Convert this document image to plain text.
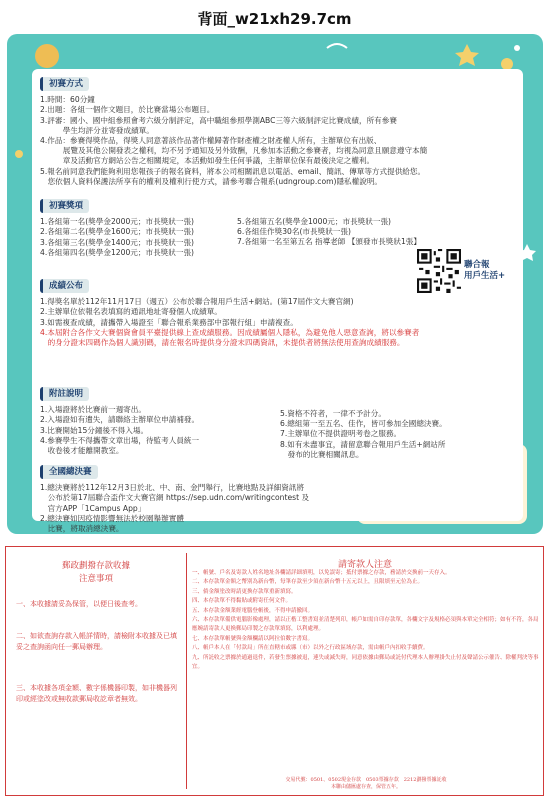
背面_w21xh29.7cm
初賽方式
1.時間：60分鐘
2.出題：各組一個作文題目，於比賽當場公布題目。
3.評審：國小、國中組參照會考六級分制評定，高中職組參照學測ABC三等六級制評定比賽成績，所有參賽
　　　學生均評分並寄發成績單。
4.作品：參賽得獎作品，得獎人同意著該作品著作權歸著作財產權之財產權人所有，主辦單位有出版、
　　　展覽及其他公開發表之權利，均不另予通知及另外致酬，凡參加本活動之參賽者，均視為同意且願意遵守本簡
　　　章及活動官方網站公告之相關規定，本活動如發生任何爭議，主辦單位保有最後決定之權利。
5.報名前同意我們能夠利用您報孩子的報名資料，將本公司相關訊息以電話、email、簡訊、傳單等方式提供給您。
　您依個人資料保護法所享有的權利及權利行使方式，請參考聯合報系(udngroup.com)隱私權說明。
初賽獎項
1.各組第一名(獎學金2000元；市長獎狀一張)
2.各組第二名(獎學金1600元；市長獎狀一張)
3.各組第三名(獎學金1400元；市長獎狀一張)
4.各組第四名(獎學金1200元；市長獎狀一張)
5.各組第五名(獎學金1000元；市長獎狀一張)
6.各組佳作獎30名(市長獎狀一張)
7.各組第一名至第五名 指導老師 【頒發市長獎狀1張】
成績公布
1.得獎名單於112年11月17日（週五）公布於聯合報用戶生活+網站。(第17屆作文大賽官網)
2.主辦單位依報名表填寫的通訊地址寄發個人成績單。
3.如需複查成績，請攜帶入場證至「聯合報系業務部中部報行組」申請複查。
4.本屆附合各作文大賽個資會員平臺提供線上查成績服務。因成績屬個人隱私，為避免他人惡意查詢，將以參賽者
　的身分證末四碼作為個人識別碼，請在報名時提供身分證末四碼資訊，未提供者將無法使用查詢成績服務。
附註說明
1.入場證將於比賽前一週寄出。
2.入場證如有遺失，請聯絡主辦單位申請補發。
3.比賽開始15分鐘後不得入場。
4.參賽學生不得攜帶文章出場，待監考人員統一
　收卷後才能離開教室。
5.資格不符者，一律不予計分。
6.總組第一至五名、佳作，皆可參加全國總決賽。
7.主辦單位不提供證明考卷之服務。
8.如有未盡事宜，請留意聯合報用戶生活+網站所
　發布的比賽相關訊息。
全國總決賽
1.總決賽將於112年12月3日於北、中、南、金門舉行，比賽地點及詳細資訊將
　公布於第17屆聯合盃作文大賽官網 https://sep.udn.com/writingcontest 及
　官方APP「1Campus App」
2.總決賽如因疫情影響無法於校園舉辦實體
　比賽，將取消總決賽。
聯合報
用戶生活+
郵政劃撥存款收據
注意事項
一、本收據請妥為保管，以便日後查考。
二、如欲查詢存款入帳詳情時，請檢附本收據及已填妥之查詢函向任一郵局辦理。
三、本收據各項金額、數字係機器印製，如非機器列印或經塗改或無收款郵局收訖章者無效。
請寄款人注意
一、帳號、戶名及寄款人姓名地址各欄請詳細填明，以免誤寄；抵付票據之存款，務請於交換前一天存入。
二、本存款單金額之幣別為新台幣，每筆存款至少須在新台幣十五元以上，且限填至元位為止。
三、倘金額塗改時請更換存款單重新填寫。
四、本存款單不得黏貼或附寄任何文件。
五、本存款金額業經電腦登帳後，不得申請撤回。
六、本存款單備供電腦影像處理，請以正楷工整書寫並清楚列印，帳戶如需自印存款單，各欄文字及規格必須與本單完全相符；如有不符，各局應婉請寄款人更換郵局印製之存款單填寫，以利處理。
七、本存款單帳號與金額欄請以阿拉伯數字書寫。
八、帳戶本人在「付款局」所在直轄市或縣（市）以外之行政區域存款，需由帳戶內扣收手續費。
九、所託收之票據於通過退件，若發生票據被退，連失或減失時，同意依據由郵局或託付代理本人辦理掛失止付及聲請公示催告、除權判決等事宜。
交易代號：0501、0502現金存款　0503票據存款　2212劃撥票據託收
本聯由儲匯處存查，保管五年。
